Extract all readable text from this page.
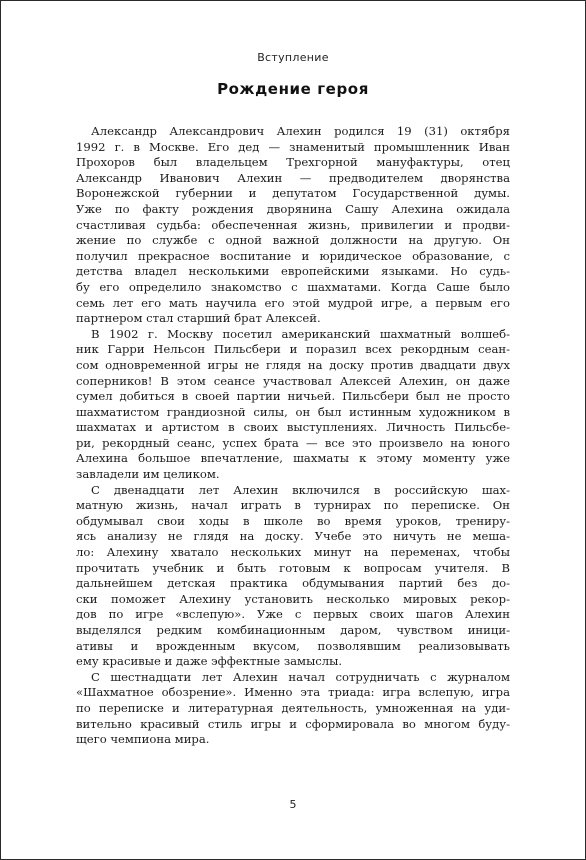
Вступление
Рождение героя
Александр Александрович Алехин родился 19 (31) октября
1992 г. в Москве. Его дед — знаменитый промышленник Иван
Прохоров был владельцем Трехгорной мануфактуры, отец
Александр Иванович Алехин — предводителем дворянства
Воронежской губернии и депутатом Государственной думы.
Уже по факту рождения дворянина Сашу Алехина ожидала
счастливая судьба: обеспеченная жизнь, привилегии и продви-
жение по службе с одной важной должности на другую. Он
получил прекрасное воспитание и юридическое образование, с
детства владел несколькими европейскими языками. Но судь-
бу его определило знакомство с шахматами. Когда Саше было
семь лет его мать научила его этой мудрой игре, а первым его
партнером стал старший брат Алексей.
В 1902 г. Москву посетил американский шахматный волшеб-
ник Гарри Нельсон Пильсбери и поразил всех рекордным сеан-
сом одновременной игры не глядя на доску против двадцати двух
соперников! В этом сеансе участвовал Алексей Алехин, он даже
сумел добиться в своей партии ничьей. Пильсбери был не просто
шахматистом грандиозной силы, он был истинным художником в
шахматах и артистом в своих выступлениях. Личность Пильсбе-
ри, рекордный сеанс, успех брата — все это произвело на юного
Алехина большое впечатление, шахматы к этому моменту уже
завладели им целиком.
С двенадцати лет Алехин включился в российскую шах-
матную жизнь, начал играть в турнирах по переписке. Он
обдумывал свои ходы в школе во время уроков, трениру-
ясь анализу не глядя на доску. Учебе это ничуть не меша-
ло: Алехину хватало нескольких минут на переменах, чтобы
прочитать учебник и быть готовым к вопросам учителя. В
дальнейшем детская практика обдумывания партий без до-
ски поможет Алехину установить несколько мировых рекор-
дов по игре «вслепую». Уже с первых своих шагов Алехин
выделялся редким комбинационным даром, чувством иници-
ативы и врожденным вкусом, позволявшим реализовывать
ему красивые и даже эффектные замыслы.
С шестнадцати лет Алехин начал сотрудничать с журналом
«Шахматное обозрение». Именно эта триада: игра вслепую, игра
по переписке и литературная деятельность, умноженная на уди-
вительно красивый стиль игры и сформировала во многом буду-
щего чемпиона мира.
5
